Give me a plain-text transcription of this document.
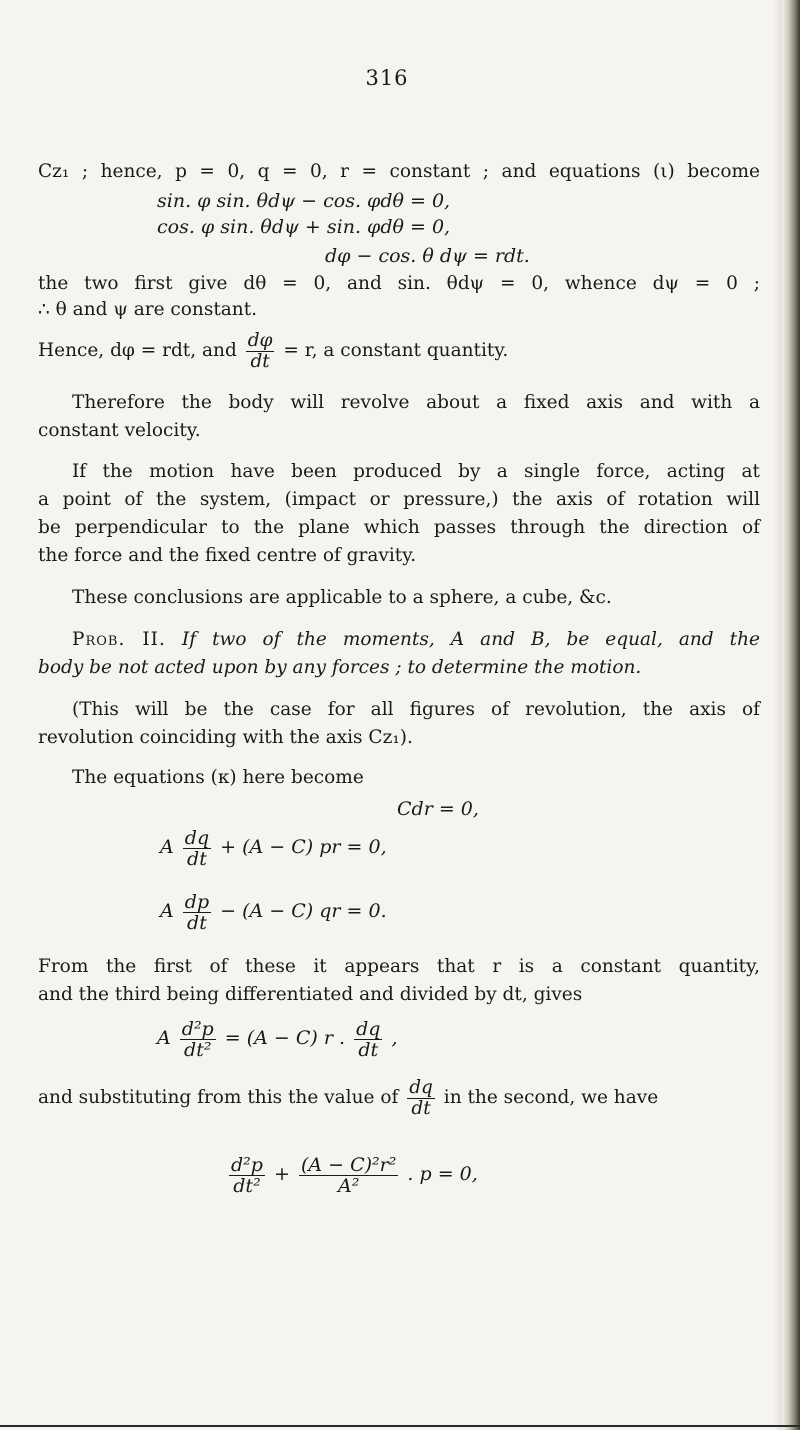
316
Cz₁ ; hence, p = 0, q = 0, r = constant ; and equations (ι) become
sin. φ sin. θdψ − cos. φdθ = 0,
cos. φ sin. θdψ + sin. φdθ = 0,
dφ − cos. θ dψ = rdt.
the two first give dθ = 0, and sin. θdψ = 0, whence dψ = 0 ;
∴ θ and ψ are constant.
Hence, dφ = rdt, and $\frac{d\varphi}{dt} = r$, a constant quantity.
Therefore the body will revolve about a fixed axis and with a
constant velocity.
If the motion have been produced by a single force, acting at
a point of the system, (impact or pressure,) the axis of rotation will
be perpendicular to the plane which passes through the direction of
the force and the fixed centre of gravity.
These conclusions are applicable to a sphere, a cube, &c.
Prob. II. If two of the moments, A and B, be equal, and the
body be not acted upon by any forces ; to determine the motion.
(This will be the case for all figures of revolution, the axis of
revolution coinciding with the axis Cz₁).
The equations (κ) here become
Cdr = 0,
A $\frac{dq}{dt} + (A - C)$ pr = 0,
A $\frac{dp}{dt} - (A - C)$ qr = 0.
From the first of these it appears that r is a constant quantity,
and the third being differentiated and divided by dt, gives
A $\frac{\text{d²p}}{\text{dt²}} = (A - C)$ r . $\frac{dq}{dt}$ ,
and substituting from this the value of $\frac{dq}{dt}$ in the second, we have
$\frac{\text{d²p}}{\text{dt²}} + \frac{\text{(A − C)²r²}}{\text{A²}}$ . p = 0,
